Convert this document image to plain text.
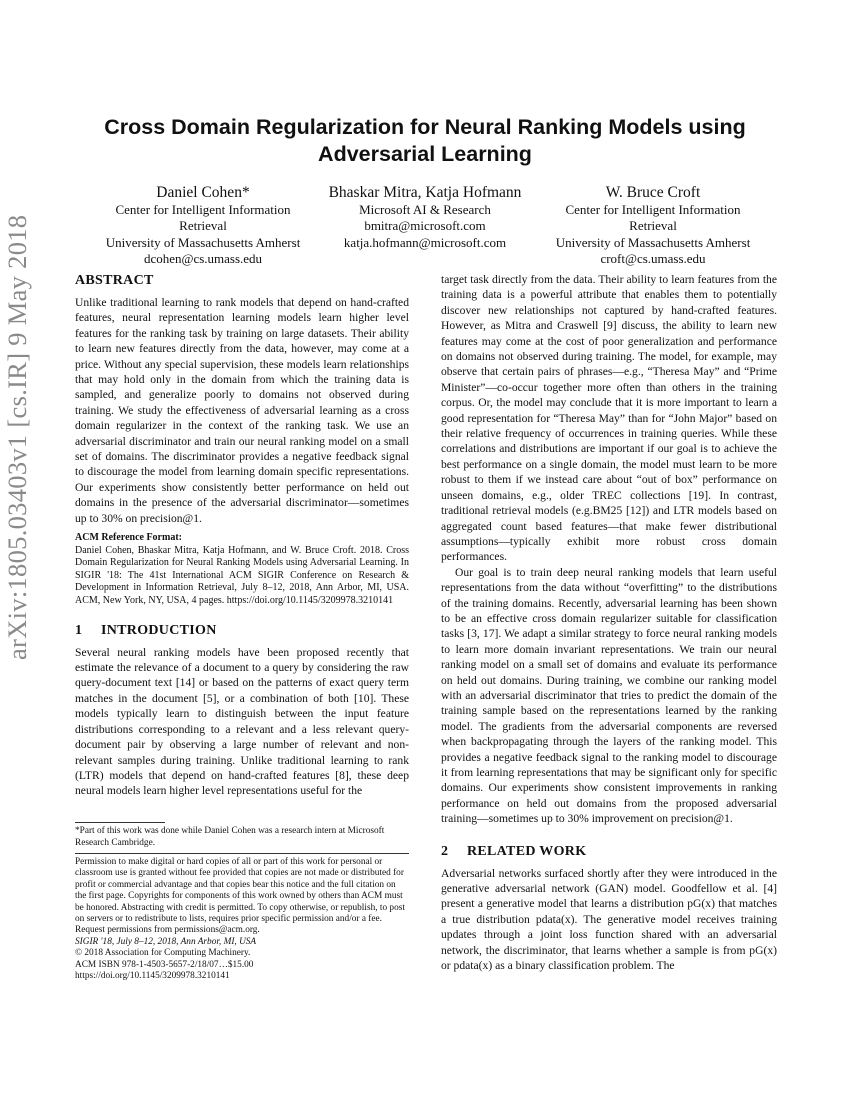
arXiv:1805.03403v1 [cs.IR] 9 May 2018
Cross Domain Regularization for Neural Ranking Models using Adversarial Learning
Daniel Cohen*
Center for Intelligent Information
Retrieval
University of Massachusetts Amherst
dcohen@cs.umass.edu
Bhaskar Mitra, Katja Hofmann
Microsoft AI & Research
bmitra@microsoft.com
katja.hofmann@microsoft.com
W. Bruce Croft
Center for Intelligent Information
Retrieval
University of Massachusetts Amherst
croft@cs.umass.edu
ABSTRACT

Unlike traditional learning to rank models that depend on hand-crafted features, neural representation learning models learn higher level features for the ranking task by training on large datasets. Their ability to learn new features directly from the data, however, may come at a price. Without any special supervision, these models learn relationships that may hold only in the domain from which the training data is sampled, and generalize poorly to domains not observed during training. We study the effectiveness of adversarial learning as a cross domain regularizer in the context of the ranking task. We use an adversarial discriminator and train our neural ranking model on a small set of domains. The discriminator provides a negative feedback signal to discourage the model from learning domain specific representations. Our experiments show consistently better performance on held out domains in the presence of the adversarial discriminator—sometimes up to 30% on precision@1.

ACM Reference Format:
Daniel Cohen, Bhaskar Mitra, Katja Hofmann, and W. Bruce Croft. 2018. Cross Domain Regularization for Neural Ranking Models using Adversarial Learning. In SIGIR '18: The 41st International ACM SIGIR Conference on Research & Development in Information Retrieval, July 8–12, 2018, Ann Arbor, MI, USA. ACM, New York, NY, USA, 4 pages. https://doi.org/10.1145/3209978.3210141
1 INTRODUCTION

Several neural ranking models have been proposed recently that estimate the relevance of a document to a query by considering the raw query-document text [14] or based on the patterns of exact query term matches in the document [5], or a combination of both [10]. These models typically learn to distinguish between the input feature distributions corresponding to a relevant and a less relevant query-document pair by observing a large number of relevant and non-relevant samples during training. Unlike traditional learning to rank (LTR) models that depend on hand-crafted features [8], these deep neural models learn higher level representations useful for the

*Part of this work was done while Daniel Cohen was a research intern at Microsoft Research Cambridge.
Permission to make digital or hard copies of all or part of this work for personal or classroom use is granted without fee provided that copies are not made or distributed for profit or commercial advantage and that copies bear this notice and the full citation on the first page. Copyrights for components of this work owned by others than ACM must be honored. Abstracting with credit is permitted. To copy otherwise, or republish, to post on servers or to redistribute to lists, requires prior specific permission and/or a fee. Request permissions from permissions@acm.org.
SIGIR '18, July 8–12, 2018, Ann Arbor, MI, USA
© 2018 Association for Computing Machinery.
ACM ISBN 978-1-4503-5657-2/18/07…$15.00
https://doi.org/10.1145/3209978.3210141

target task directly from the data. Their ability to learn features from the training data is a powerful attribute that enables them to potentially discover new relationships not captured by hand-crafted features. However, as Mitra and Craswell [9] discuss, the ability to learn new features may come at the cost of poor generalization and performance on domains not observed during training. The model, for example, may observe that certain pairs of phrases—e.g., “Theresa May” and “Prime Minister”—co-occur together more often than others in the training corpus. Or, the model may conclude that it is more important to learn a good representation for “Theresa May” than for “John Major” based on their relative frequency of occurrences in training queries. While these correlations and distributions are important if our goal is to achieve the best performance on a single domain, the model must learn to be more robust to them if we instead care about “out of box” performance on unseen domains, e.g., older TREC collections [19]. In contrast, traditional retrieval models (e.g.BM25 [12]) and LTR models based on aggregated count based features—that make fewer distributional assumptions—typically exhibit more robust cross domain performances.

Our goal is to train deep neural ranking models that learn useful representations from the data without “overfitting” to the distributions of the training domains. Recently, adversarial learning has been shown to be an effective cross domain regularizer suitable for classification tasks [3, 17]. We adapt a similar strategy to force neural ranking models to learn more domain invariant representations. We train our neural ranking model on a small set of domains and evaluate its performance on held out domains. During training, we combine our ranking model with an adversarial discriminator that tries to predict the domain of the training sample based on the representations learned by the ranking model. The gradients from the adversarial components are reversed when backpropagating through the layers of the ranking model. This provides a negative feedback signal to the ranking model to discourage it from learning representations that may be significant only for specific domains. Our experiments show consistent improvements in ranking performance on held out domains from the proposed adversarial training—sometimes up to 30% improvement on precision@1.

2 RELATED WORK

Adversarial networks surfaced shortly after they were introduced in the generative adversarial network (GAN) model. Goodfellow et al. [4] present a generative model that learns a distribution pG(x) that matches a true distribution pdata(x). The generative model receives training updates through a joint loss function shared with an adversarial network, the discriminator, that learns whether a sample is from pG(x) or pdata(x) as a binary classification problem. The
